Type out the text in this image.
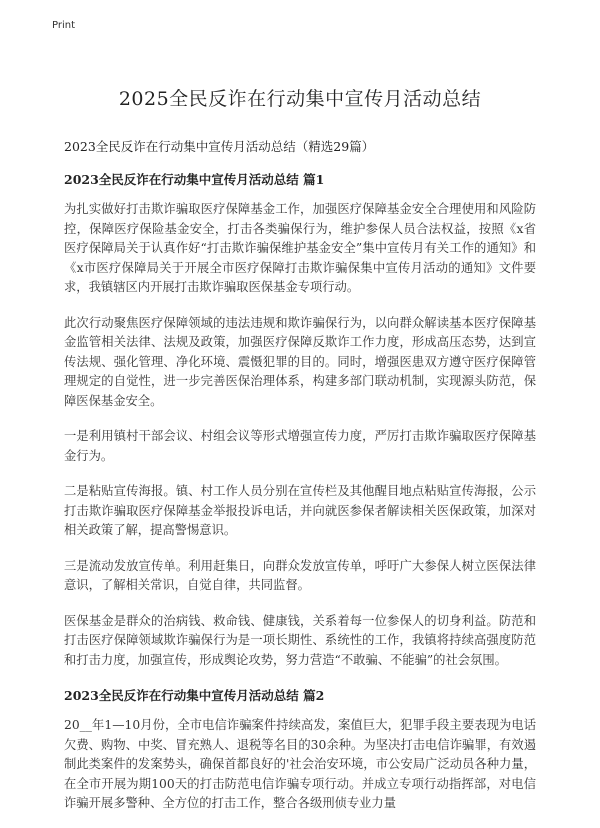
Print
2025全民反诈在行动集中宣传月活动总结

2023全民反诈在行动集中宣传月活动总结（精选29篇）

2023全民反诈在行动集中宣传月活动总结 篇1

为扎实做好打击欺诈骗取医疗保障基金工作，加强医疗保障基金安全合理使用和风险防控，保障医疗保险基金安全，打击各类骗保行为，维护参保人员合法权益，按照《x省医疗保障局关于认真作好“打击欺诈骗保维护基金安全”集中宣传月有关工作的通知》和《x市医疗保障局关于开展全市医疗保障打击欺诈骗保集中宣传月活动的通知》文件要求，我镇辖区内开展打击欺诈骗取医保基金专项行动。

此次行动聚焦医疗保障领域的违法违规和欺诈骗保行为，以向群众解读基本医疗保障基金监管相关法律、法规及政策，加强医疗保障反欺诈工作力度，形成高压态势，达到宣传法规、强化管理、净化环境、震慑犯罪的目的。同时，增强医患双方遵守医疗保障管理规定的自觉性，进一步完善医保治理体系，构建多部门联动机制，实现源头防范，保障医保基金安全。

一是利用镇村干部会议、村组会议等形式增强宣传力度，严厉打击欺诈骗取医疗保障基金行为。

二是粘贴宣传海报。镇、村工作人员分别在宣传栏及其他醒目地点粘贴宣传海报，公示打击欺诈骗取医疗保障基金举报投诉电话，并向就医参保者解读相关医保政策，加深对相关政策了解，提高警惕意识。

三是流动发放宣传单。利用赶集日，向群众发放宣传单，呼吁广大参保人树立医保法律意识，了解相关常识，自觉自律，共同监督。

医保基金是群众的治病钱、救命钱、健康钱，关系着每一位参保人的切身利益。防范和打击医疗保障领域欺诈骗保行为是一项长期性、系统性的工作，我镇将持续高强度防范和打击力度，加强宣传，形成舆论攻势，努力营造“不敢骗、不能骗”的社会氛围。

2023全民反诈在行动集中宣传月活动总结 篇2

20__年1—10月份，全市电信诈骗案件持续高发，案值巨大，犯罪手段主要表现为电话欠费、购物、中奖、冒充熟人、退税等名目的30余种。为坚决打击电信诈骗罪，有效遏制此类案件的发案势头，确保首都良好的'社会治安环境，市公安局广泛动员各种力量，在全市开展为期100天的打击防范电信诈骗专项行动。并成立专项行动指挥部，对电信诈骗开展多警种、全方位的打击工作，整合各级刑侦专业力量
